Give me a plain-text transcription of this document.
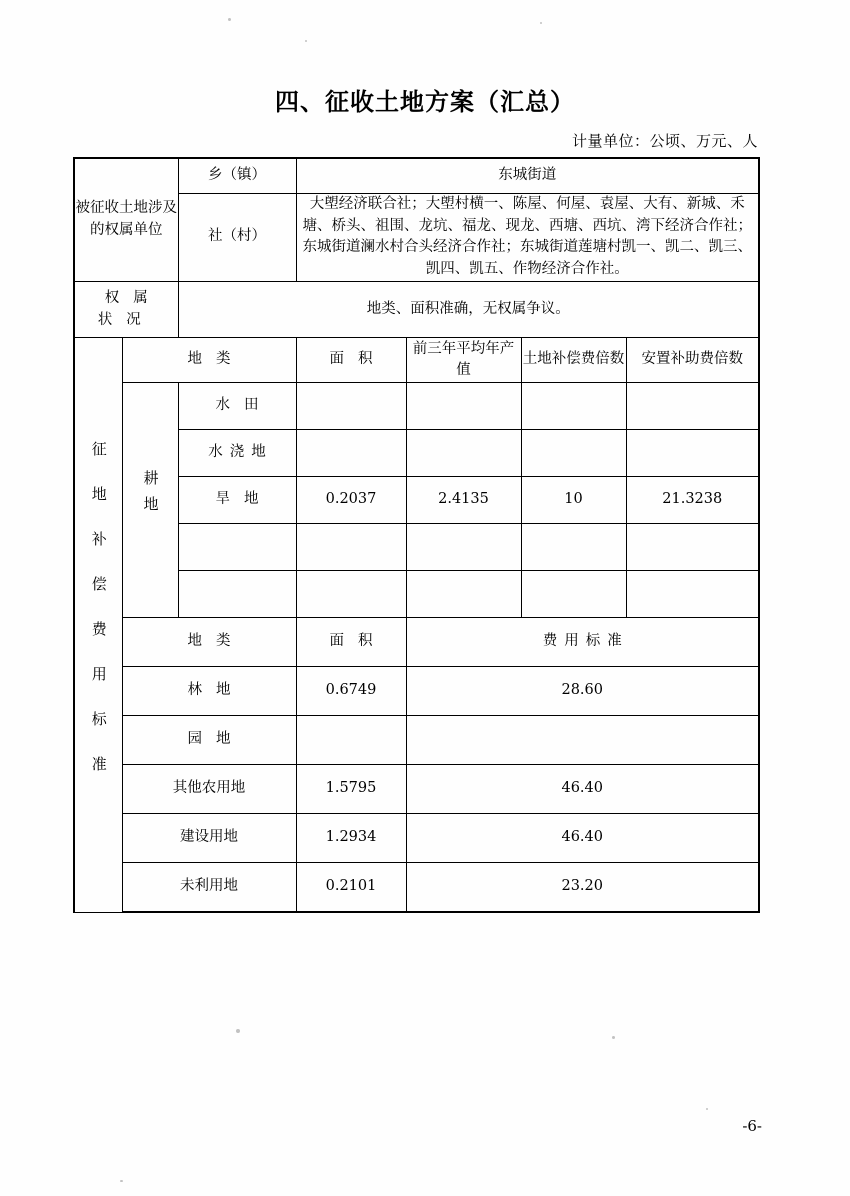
四、征收土地方案（汇总）
计量单位：公顷、万元、人
被征收土地涉及的权属单位		乡（镇）	东城街道			
		社（村）	大塱经济联合社；大塱村横一、陈屋、何屋、袁屋、大有、新城、禾塘、桥头、祖围、龙坑、福龙、现龙、西塘、西坑、湾下经济合作社；东城街道澜水村合头经济合作社；东城街道莲塘村凯一、凯二、凯三、凯四、凯五、作物经济合作社。			
权属状况		地类、面积准确，无权属争议。				
征地补偿费用标准	地类		面积	前三年平均年产值	土地补偿费倍数	安置补助费倍数
	耕地	水田				
		水浇地				
		旱地	0.2037	2.4135	10	21.3238

	地类		面积	费用标准		
	林地		0.6749	28.60		
	园地					
	其他农用地		1.5795	46.40		
	建设用地		1.2934	46.40		
	未利用地		0.2101	23.20		
-6-
